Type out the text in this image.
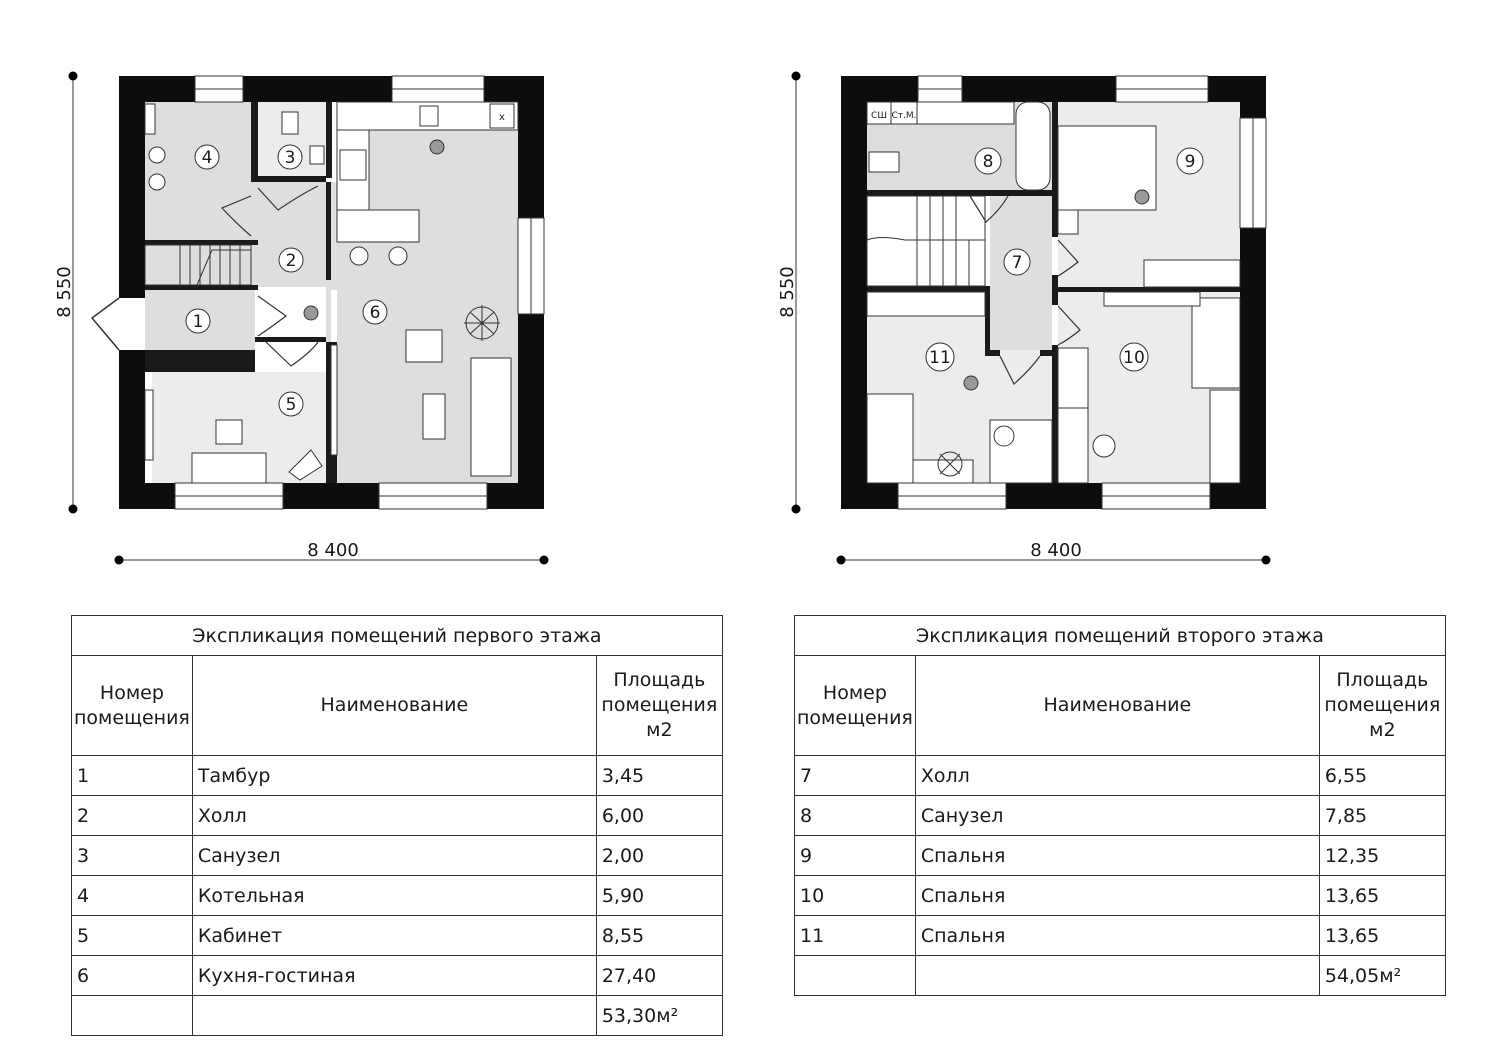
x
1
2
3
4
5
6
8 550
8 400
СШ Ст.М.
7
8	9
10
11
8 550
8 400
Экспликация помещений первого этажа		
Номер помещения	Наименование	Площадь помещения м2
1	Тамбур	3,45
2	Холл	6,00
3	Санузел	2,00
4	Котельная	5,90
5	Кабинет	8,55
6	Кухня-гостиная	27,40
		53,30м²
Экспликация помещений второго этажа		
Номер помещения	Наименование	Площадь помещения м2
7	Холл	6,55
8	Санузел	7,85
9	Спальня	12,35
10	Спальня	13,65
11	Спальня	13,65
		54,05м²
